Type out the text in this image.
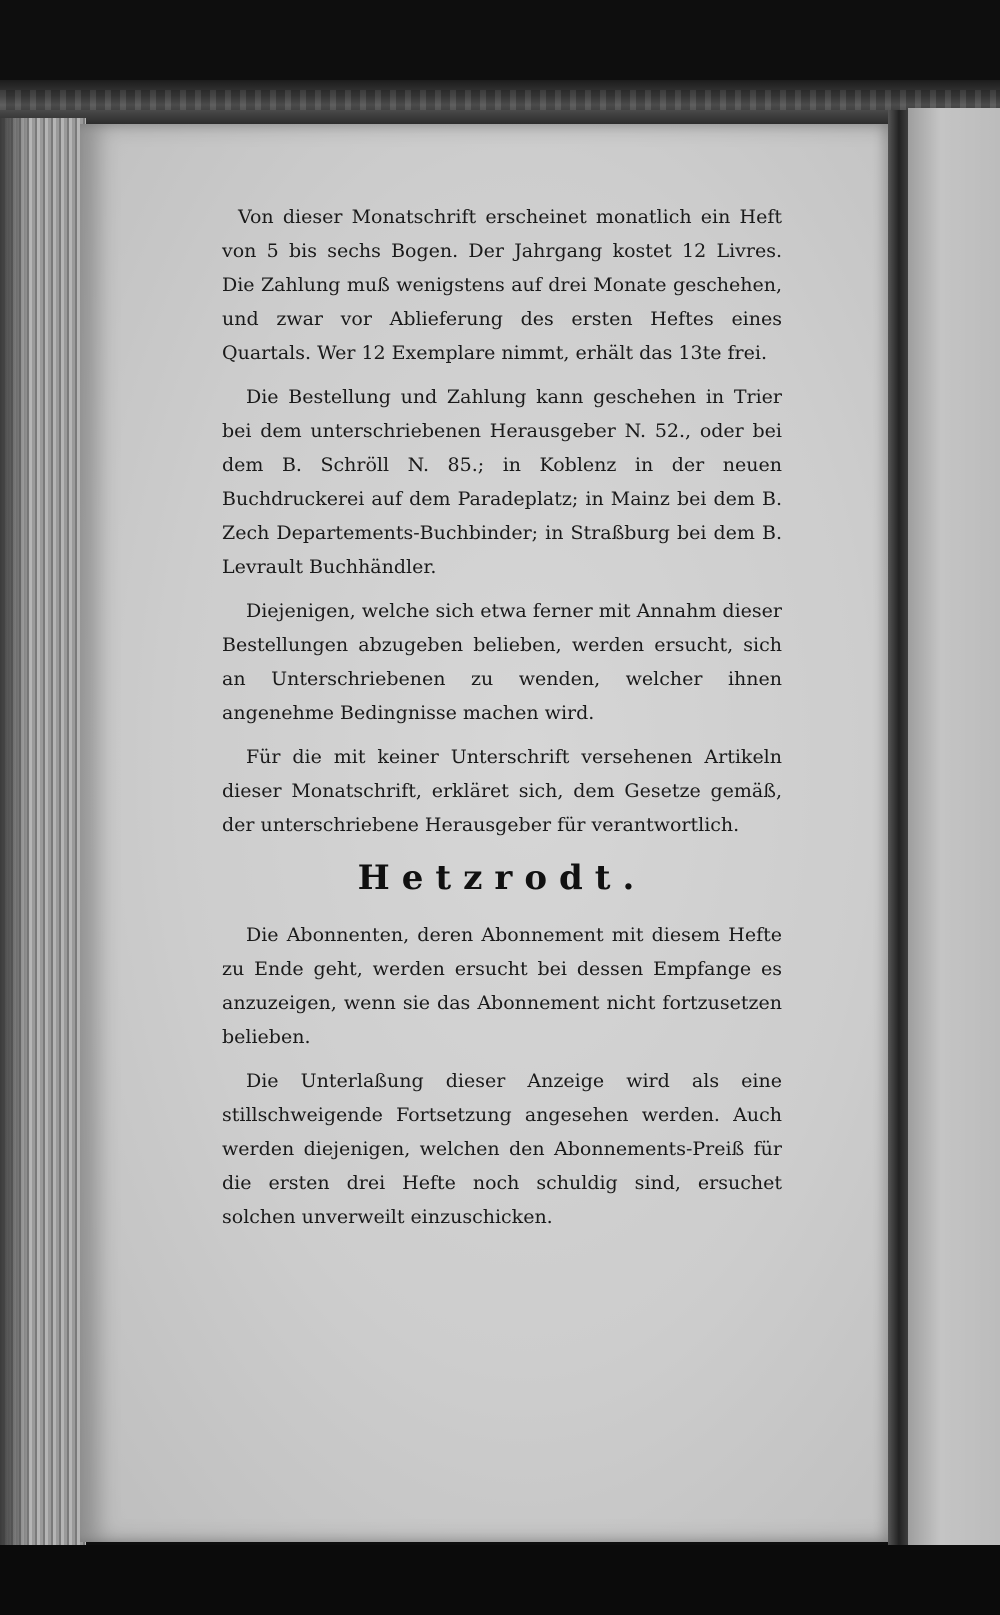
Von dieser Monatschrift erscheinet monatlich ein Heft von 5 bis sechs Bogen. Der Jahrgang kostet 12 Livres. Die Zahlung muß wenigstens auf drei Monate geschehen, und zwar vor Ablieferung des ersten Heftes eines Quartals. Wer 12 Exemplare nimmt, erhält das 13te frei.

Die Bestellung und Zahlung kann geschehen in Trier bei dem unterschriebenen Herausgeber N. 52., oder bei dem B. Schröll N. 85.; in Koblenz in der neuen Buchdruckerei auf dem Paradeplatz; in Mainz bei dem B. Zech Departements-Buchbinder; in Straßburg bei dem B. Levrault Buchhändler.

Diejenigen, welche sich etwa ferner mit Annahm dieser Bestellungen abzugeben belieben, werden ersucht, sich an Unterschriebenen zu wenden, welcher ihnen angenehme Bedingnisse machen wird.

Für die mit keiner Unterschrift versehenen Artikeln dieser Monatschrift, erkläret sich, dem Gesetze gemäß, der unterschriebene Herausgeber für verantwortlich.

Hetzrodt.

Die Abonnenten, deren Abonnement mit diesem Hefte zu Ende geht, werden ersucht bei dessen Empfange es anzuzeigen, wenn sie das Abonnement nicht fortzusetzen belieben.

Die Unterlaßung dieser Anzeige wird als eine stillschweigende Fortsetzung angesehen werden. Auch werden diejenigen, welchen den Abonnements-Preiß für die ersten drei Hefte noch schuldig sind, ersuchet solchen unverweilt einzuschicken.
